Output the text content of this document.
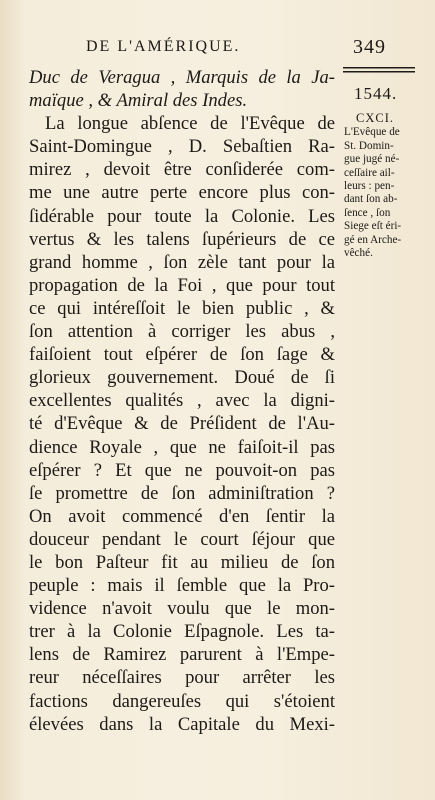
DE L'AMÉRIQUE.	349
Duc de Veragua , Marquis de la Ja-
maïque , & Amiral des Indes.
La longue abſence de l'Evêque de
Saint-Domingue , D. Sebaſtien Ra-
mirez , devoit être conſiderée com-
me une autre perte encore plus con-
ſidérable pour toute la Colonie. Les
vertus & les talens ſupérieurs de ce
grand homme , ſon zèle tant pour la
propagation de la Foi , que pour tout
ce qui intéreſſoit le bien public , &
ſon attention à corriger les abus ,
faiſoient tout eſpérer de ſon ſage &
glorieux gouvernement. Doué de ſi
excellentes qualités , avec la digni-
té d'Evêque & de Préſident de l'Au-
dience Royale , que ne faiſoit-il pas
eſpérer ? Et que ne pouvoit-on pas
ſe promettre de ſon adminiſtration ?
On avoit commencé d'en ſentir la
douceur pendant le court ſéjour que
le bon Paſteur fit au milieu de ſon
peuple : mais il ſemble que la Pro-
vidence n'avoit voulu que le mon-
trer à la Colonie Eſpagnole. Les ta-
lens de Ramirez parurent à l'Empe-
reur néceſſaires pour arrêter les
factions dangereuſes qui s'étoient
élevées dans la Capitale du Mexi-
1544.
CXCI.
L'Evêque de
St. Domin-
gue jugé né-
ceſſaire ail-
leurs : pen-
dant ſon ab-
ſence , ſon
Siege eſt éri-
gé en Arche-
vêché.
